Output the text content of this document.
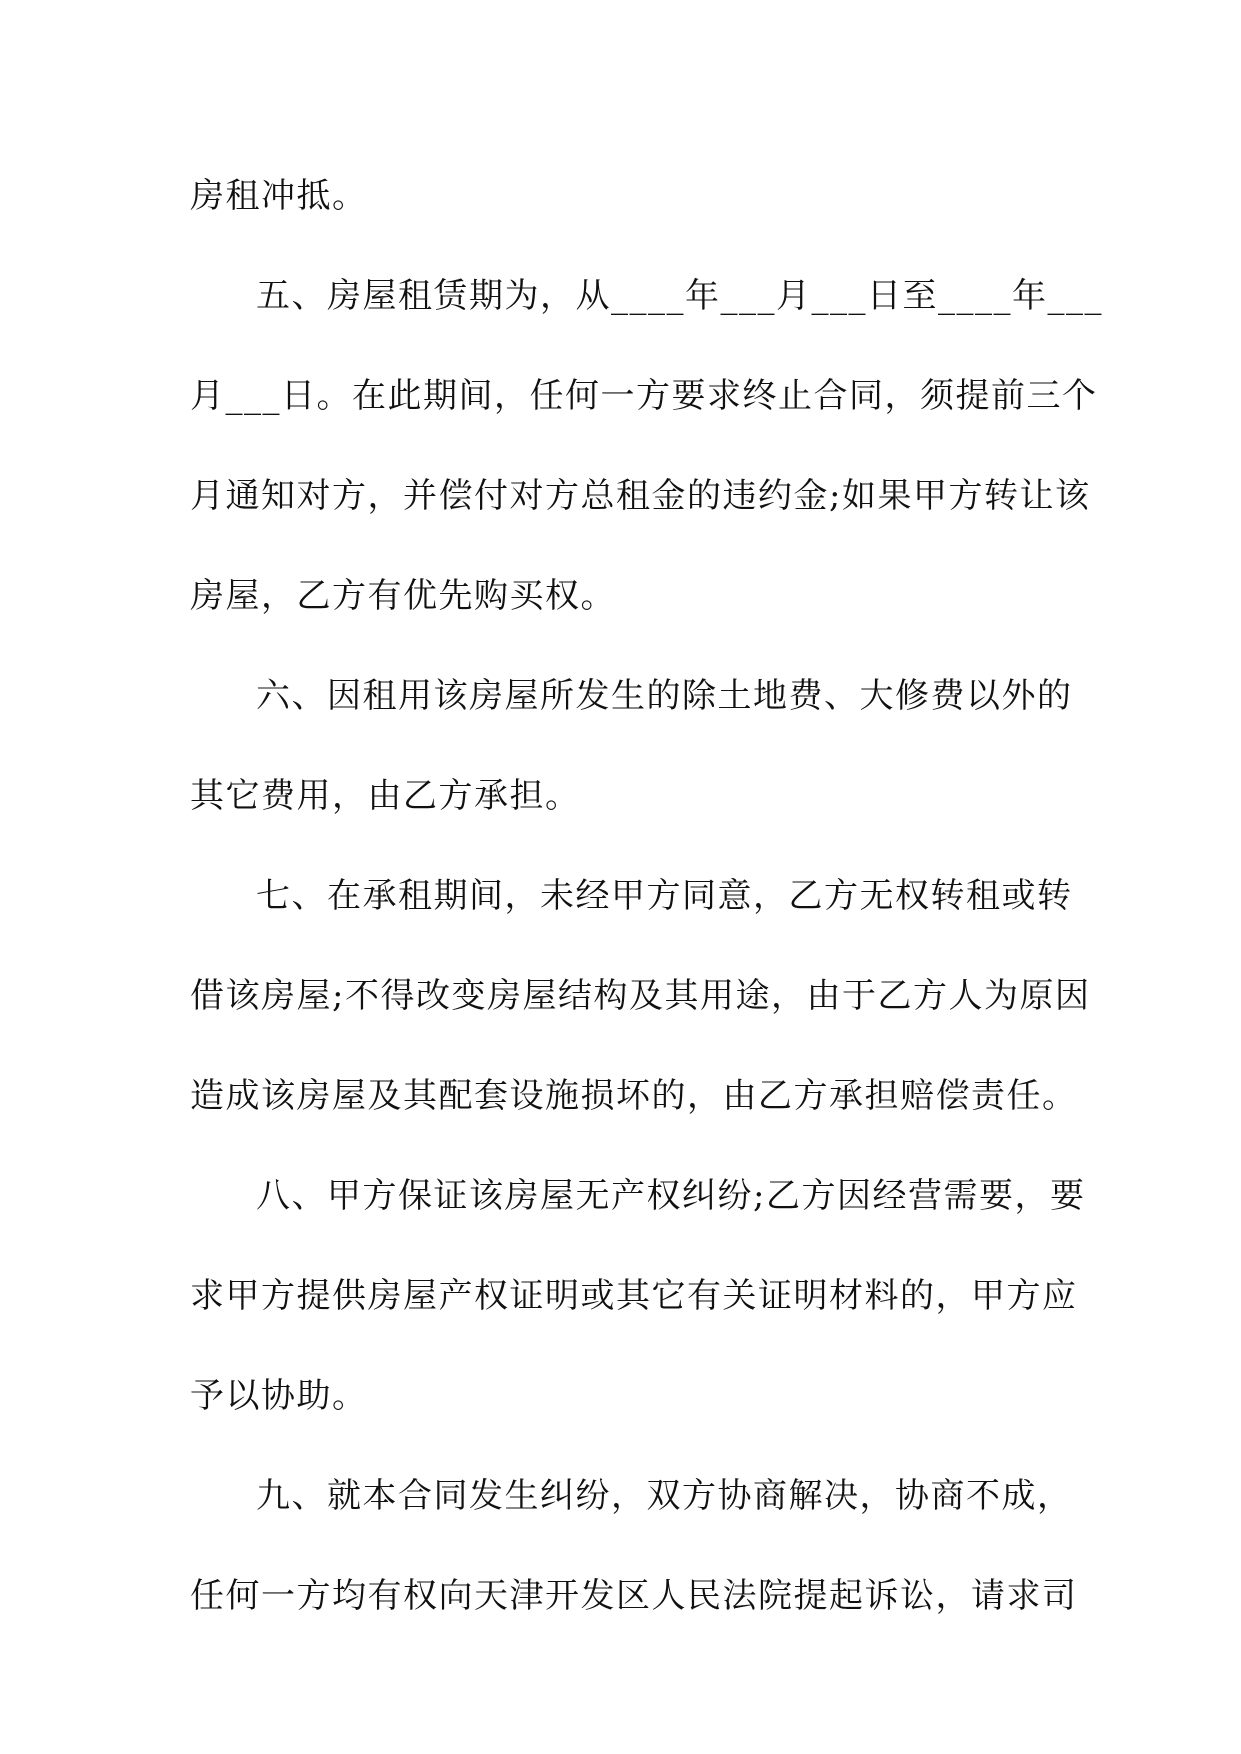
房租冲抵。
五、房屋租赁期为，从____年___月___日至____年___
月___日。在此期间，任何一方要求终止合同，须提前三个
月通知对方，并偿付对方总租金的违约金;如果甲方转让该
房屋，乙方有优先购买权。
六、因租用该房屋所发生的除土地费、大修费以外的
其它费用，由乙方承担。
七、在承租期间，未经甲方同意，乙方无权转租或转
借该房屋;不得改变房屋结构及其用途，由于乙方人为原因
造成该房屋及其配套设施损坏的，由乙方承担赔偿责任。
八、甲方保证该房屋无产权纠纷;乙方因经营需要，要
求甲方提供房屋产权证明或其它有关证明材料的，甲方应
予以协助。
九、就本合同发生纠纷，双方协商解决，协商不成，
任何一方均有权向天津开发区人民法院提起诉讼，请求司
